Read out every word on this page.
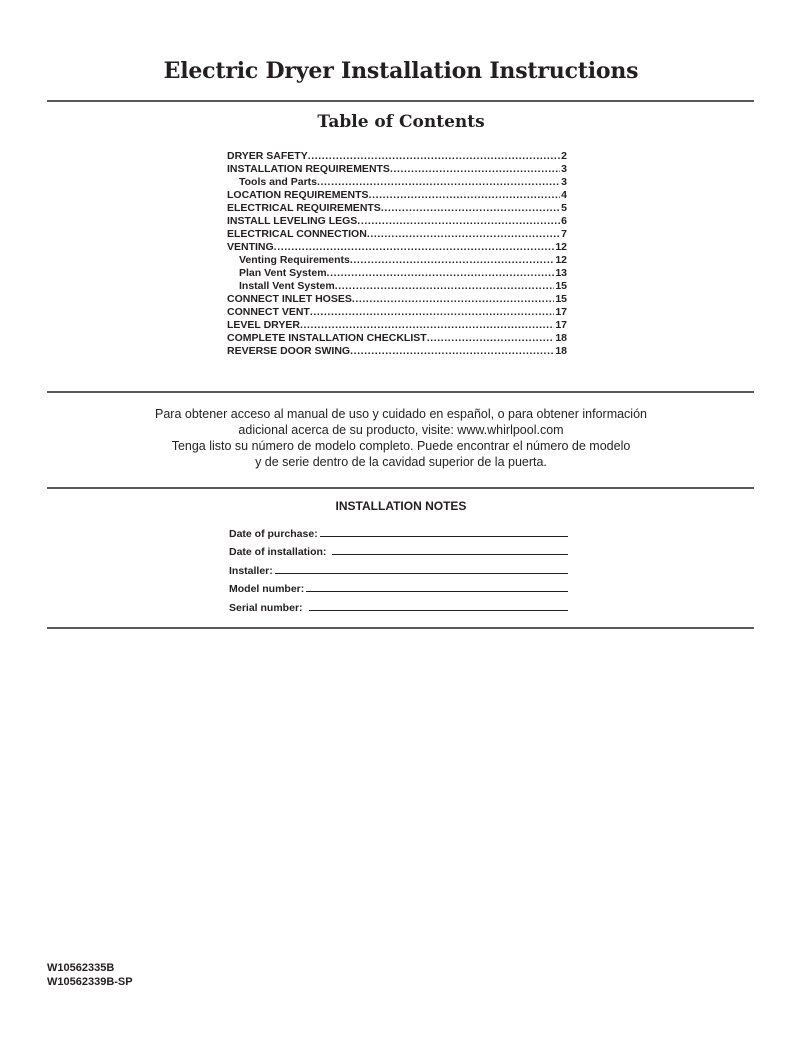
Electric Dryer Installation Instructions
Table of Contents
DRYER SAFETY .....	2
INSTALLATION REQUIREMENTS .....	3
Tools and Parts .....	3
LOCATION REQUIREMENTS .....	4
ELECTRICAL REQUIREMENTS .....	5
INSTALL LEVELING LEGS .....	6
ELECTRICAL CONNECTION .....	7
VENTING .....	12
Venting Requirements .....	12
Plan Vent System .....	13
Install Vent System .....	15
CONNECT INLET HOSES .....	15
CONNECT VENT .....	17
LEVEL DRYER .....	17
COMPLETE INSTALLATION CHECKLIST .....	18
REVERSE DOOR SWING .....	18

Para obtener acceso al manual de uso y cuidado en español, o para obtener información

adicional acerca de su producto, visite: www.whirlpool.com

Tenga listo su número de modelo completo. Puede encontrar el número de modelo

y de serie dentro de la cavidad superior de la puerta.

INSTALLATION NOTES
Date of purchase:
Date of installation:
Installer:
Model number:
Serial number:
W10562335B
W10562339B-SP
